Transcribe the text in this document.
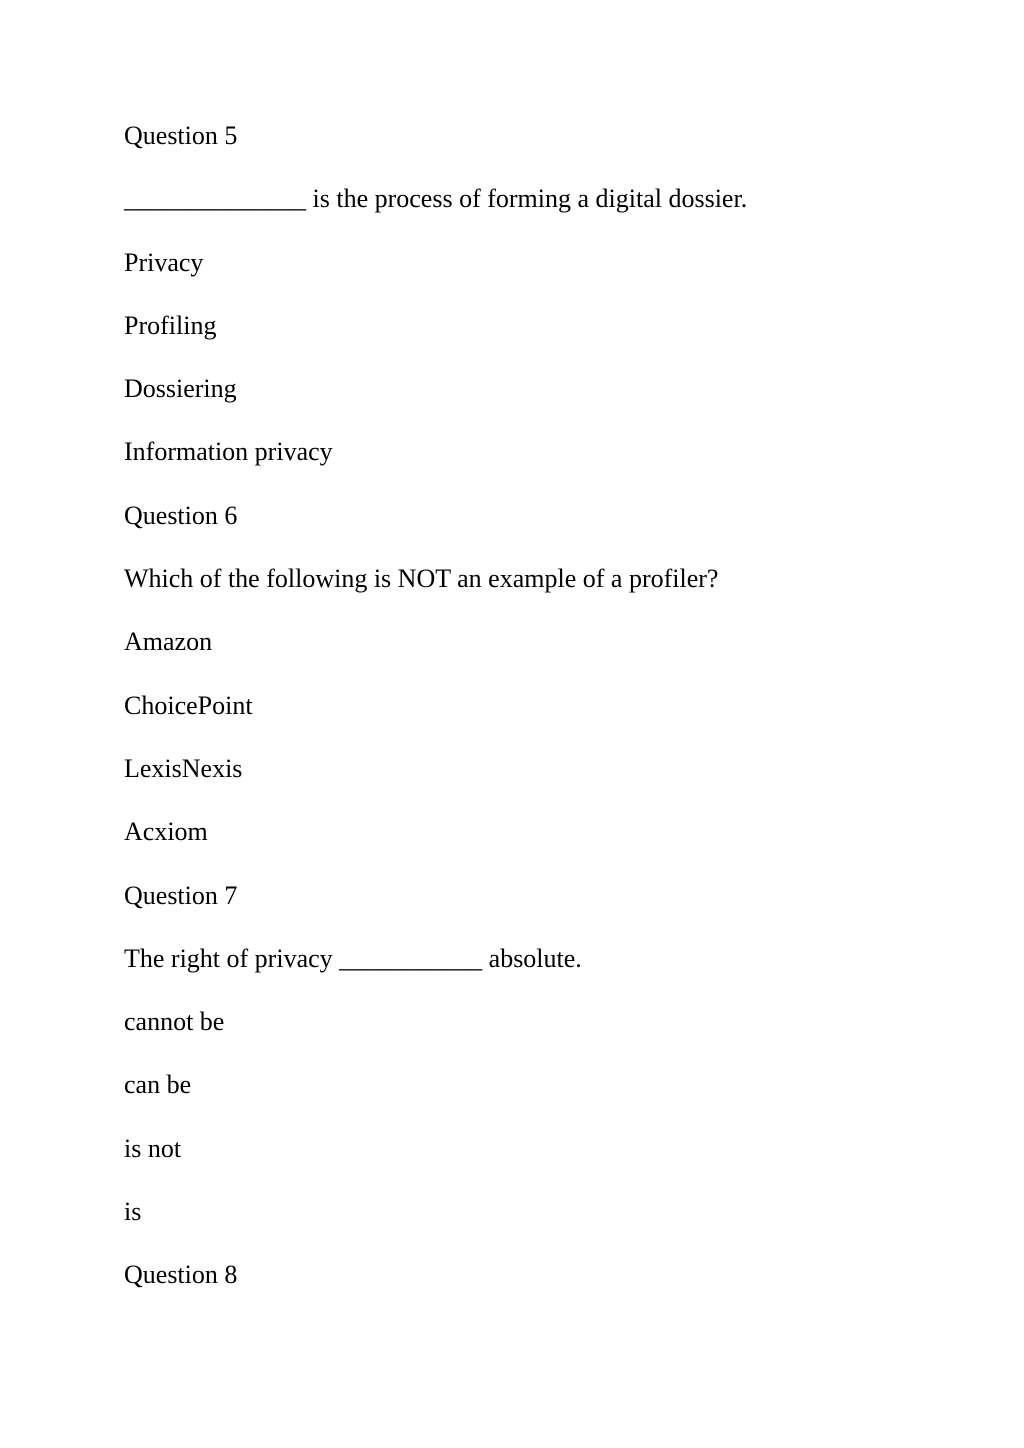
Question 5
______________ is the process of forming a digital dossier.
Privacy
Profiling
Dossiering
Information privacy
Question 6
Which of the following is NOT an example of a profiler?
Amazon
ChoicePoint
LexisNexis
Acxiom
Question 7
The right of privacy ___________ absolute.
cannot be
can be
is not
is
Question 8
